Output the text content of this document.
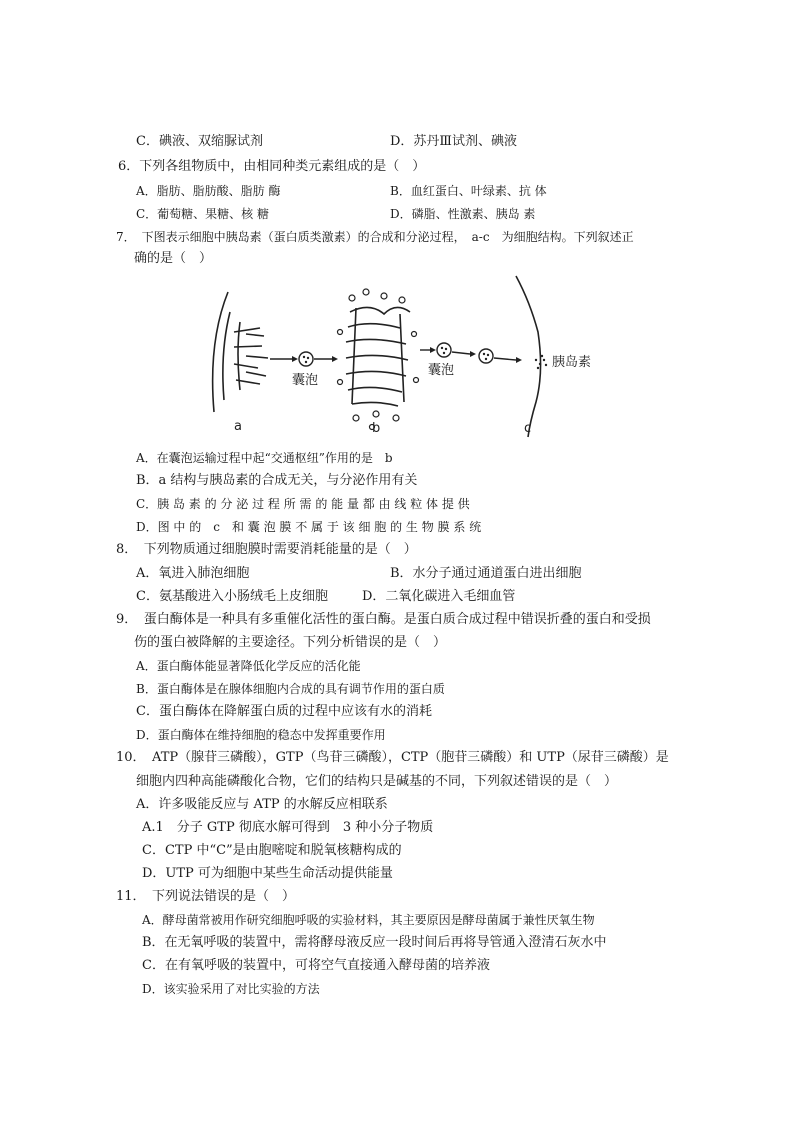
C．碘液、双缩脲试剂	D．苏丹Ⅲ试剂、碘液
6．下列各组物质中，由相同种类元素组成的是（　）
A．脂肪、脂肪酸、脂肪 酶	B．血红蛋白、叶绿素、抗 体
C．葡萄糖、果糖、核 糖	D．磷脂、性激素、胰岛 素
7．　下图表示细胞中胰岛素（蛋白质类激素）的合成和分泌过程，　a-c　为细胞结构。下列叙述正
确的是（　）
囊泡
囊泡
胰岛素
a	b	c
A．在囊泡运输过程中起“交通枢纽”作用的是　b
B．a 结构与胰岛素的合成无关，与分泌作用有关
C．胰 岛 素 的 分 泌 过 程 所 需 的 能 量 都 由 线 粒 体 提 供
D．图 中 的　c　和 囊 泡 膜 不 属 于 该 细 胞 的 生 物 膜 系 统
8．　下列物质通过细胞膜时需要消耗能量的是（　）
A．氧进入肺泡细胞	B．水分子通过通道蛋白进出细胞
C．氨基酸进入小肠绒毛上皮细胞	D．二氧化碳进入毛细血管
9．　蛋白酶体是一种具有多重催化活性的蛋白酶。是蛋白质合成过程中错误折叠的蛋白和受损
伤的蛋白被降解的主要途径。下列分析错误的是（　）
A．蛋白酶体能显著降低化学反应的活化能
B．蛋白酶体是在腺体细胞内合成的具有调节作用的蛋白质
C．蛋白酶体在降解蛋白质的过程中应该有水的消耗
D．蛋白酶体在维持细胞的稳态中发挥重要作用
10．　ATP（腺苷三磷酸），GTP（鸟苷三磷酸），CTP（胞苷三磷酸）和 UTP（尿苷三磷酸）是
细胞内四种高能磷酸化合物，它们的结构只是碱基的不同，下列叙述错误的是（　）
A．许多吸能反应与 ATP 的水解反应相联系
A.1　分子 GTP 彻底水解可得到　3 种小分子物质
C．CTP 中“C”是由胞嘧啶和脱氧核糖构成的
D．UTP 可为细胞中某些生命活动提供能量
11．　下列说法错误的是（　）
A．酵母菌常被用作研究细胞呼吸的实验材料，其主要原因是酵母菌属于兼性厌氧生物
B．在无氧呼吸的装置中，需将酵母液反应一段时间后再将导管通入澄清石灰水中
C．在有氧呼吸的装置中，可将空气直接通入酵母菌的培养液
D．该实验采用了对比实验的方法
